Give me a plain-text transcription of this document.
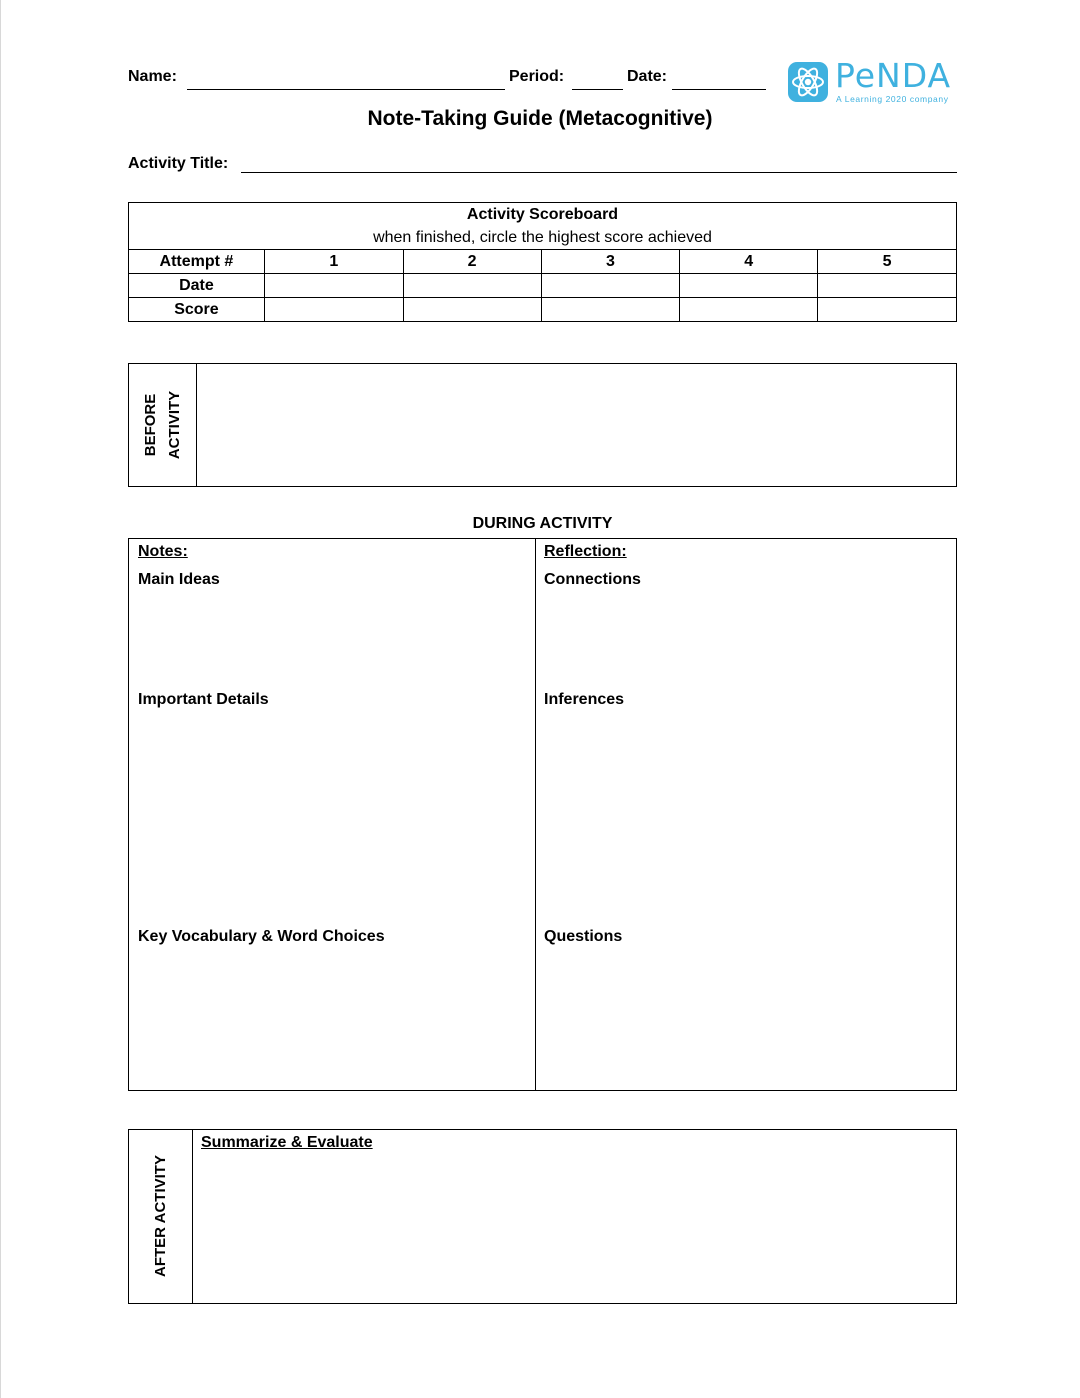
Name:	Period:	Date:	PeNDA
A Learning 2020 company
Note-Taking Guide (Metacognitive)
Activity Title:
Activity Scoreboard
when finished, circle the highest score achieved					

Attempt #	1	2	3	4	5
Date					
Score					
BEFORE ACTIVITY
DURING ACTIVITY
Notes:
Main Ideas
Important Details
Key Vocabulary & Word Choices
Reflection:
Connections
Inferences
Questions
AFTER ACTIVITY
Summarize & Evaluate
